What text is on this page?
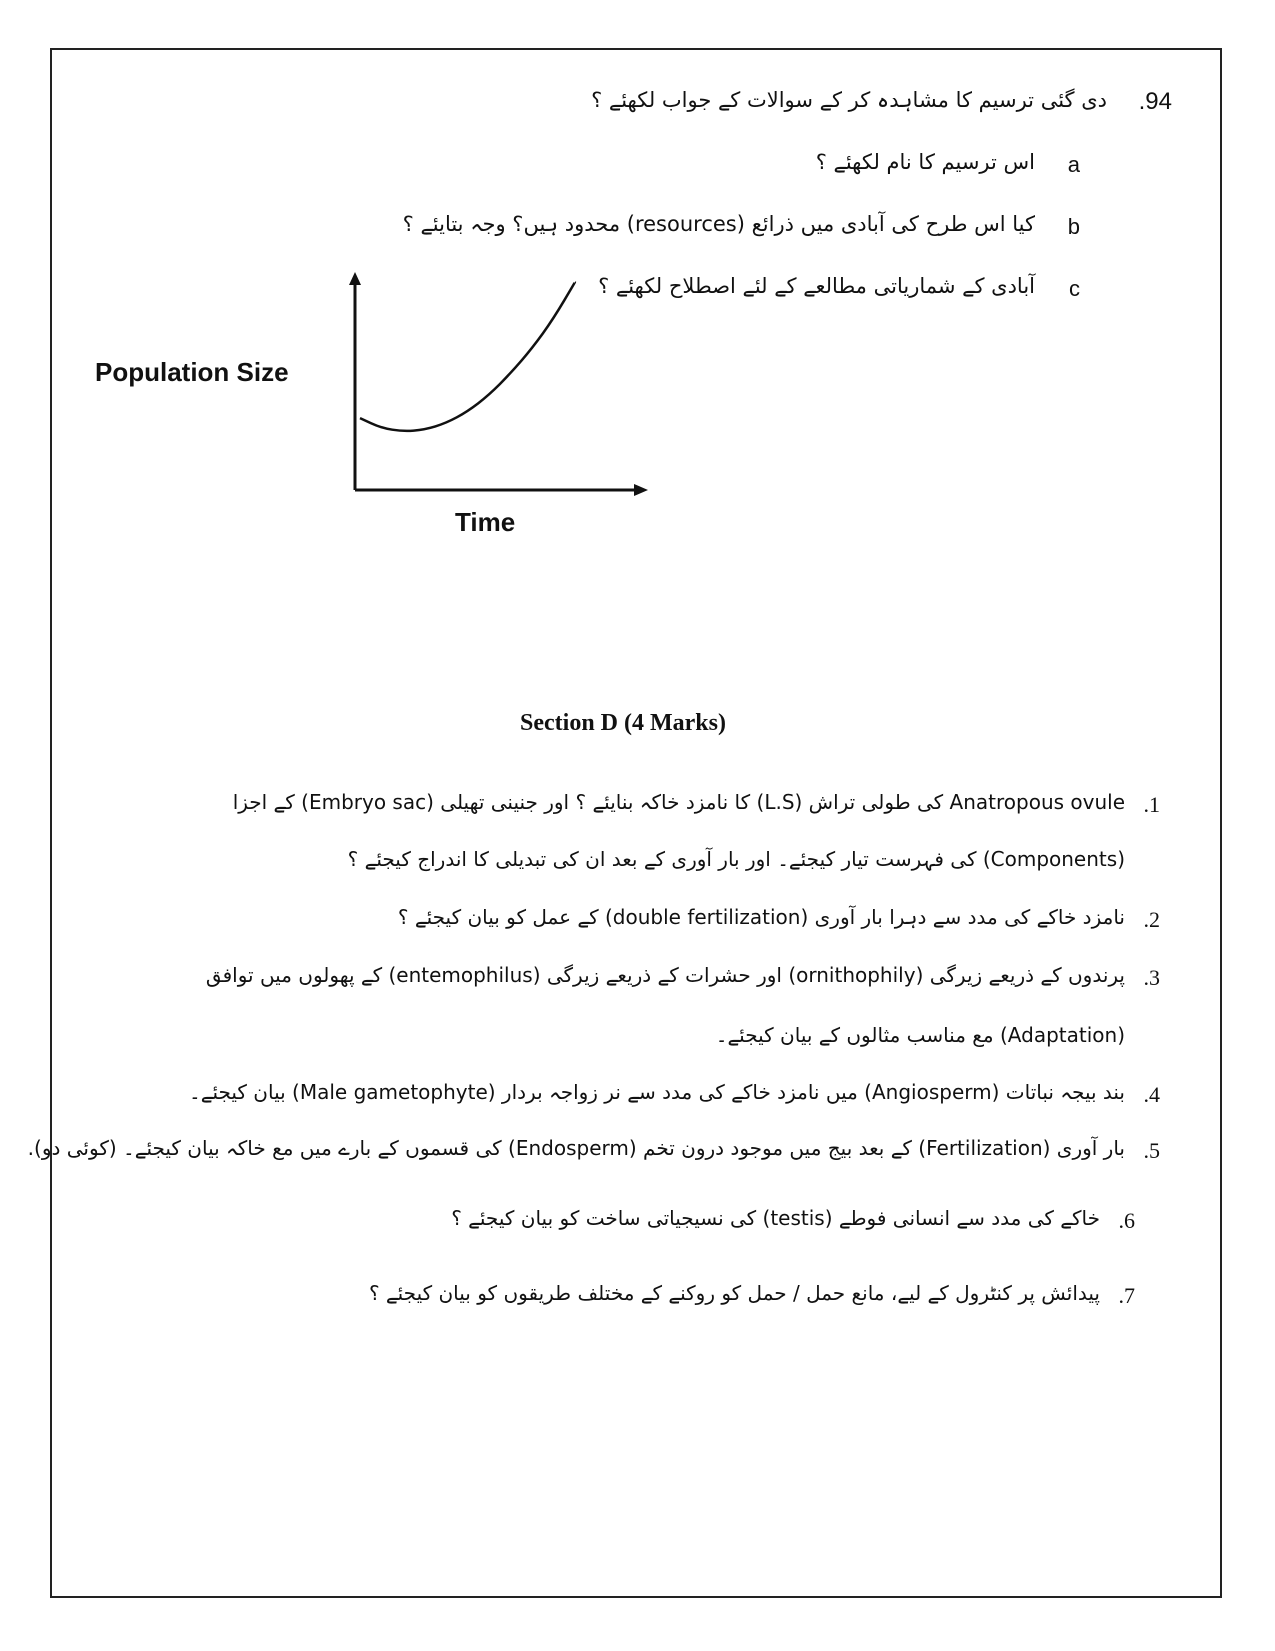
.94
دی گئی ترسیم کا مشاہدہ کر کے سوالات کے جواب لکھئے ؟
a
اس ترسیم کا نام لکھئے ؟
b
کیا اس طرح کی آبادی میں ذرائع (resources) محدود ہیں؟ وجہ بتایئے ؟
c
آبادی کے شماریاتی مطالعے کے لئے اصطلاح لکھئے ؟
Population Size
Time
Section D (4 Marks)
.1
Anatropous ovule کی طولی تراش (L.S) کا نامزد خاکہ بنایئے ؟ اور جنینی تھیلی (Embryo sac) کے اجزا
(Components) کی فہرست تیار کیجئے۔ اور بار آوری کے بعد ان کی تبدیلی کا اندراج کیجئے ؟
.2
نامزد خاکے کی مدد سے دہرا بار آوری (double fertilization) کے عمل کو بیان کیجئے ؟
.3
پرندوں کے ذریعے زیرگی (ornithophily) اور حشرات کے ذریعے زیرگی (entemophilus) کے پھولوں میں توافق
(Adaptation) مع مناسب مثالوں کے بیان کیجئے۔
.4
بند بیجہ نباتات (Angiosperm) میں نامزد خاکے کی مدد سے نر زواجہ بردار (Male gametophyte) بیان کیجئے۔
.5
بار آوری (Fertilization) کے بعد بیج میں موجود درون تخم (Endosperm) کی قسموں کے بارے میں مع خاکہ بیان کیجئے۔ (کوئی دو).
.6
خاکے کی مدد سے انسانی فوطے (testis) کی نسیجیاتی ساخت کو بیان کیجئے ؟
.7
پیدائش پر کنٹرول کے لیے، مانع حمل / حمل کو روکنے کے مختلف طریقوں کو بیان کیجئے ؟
